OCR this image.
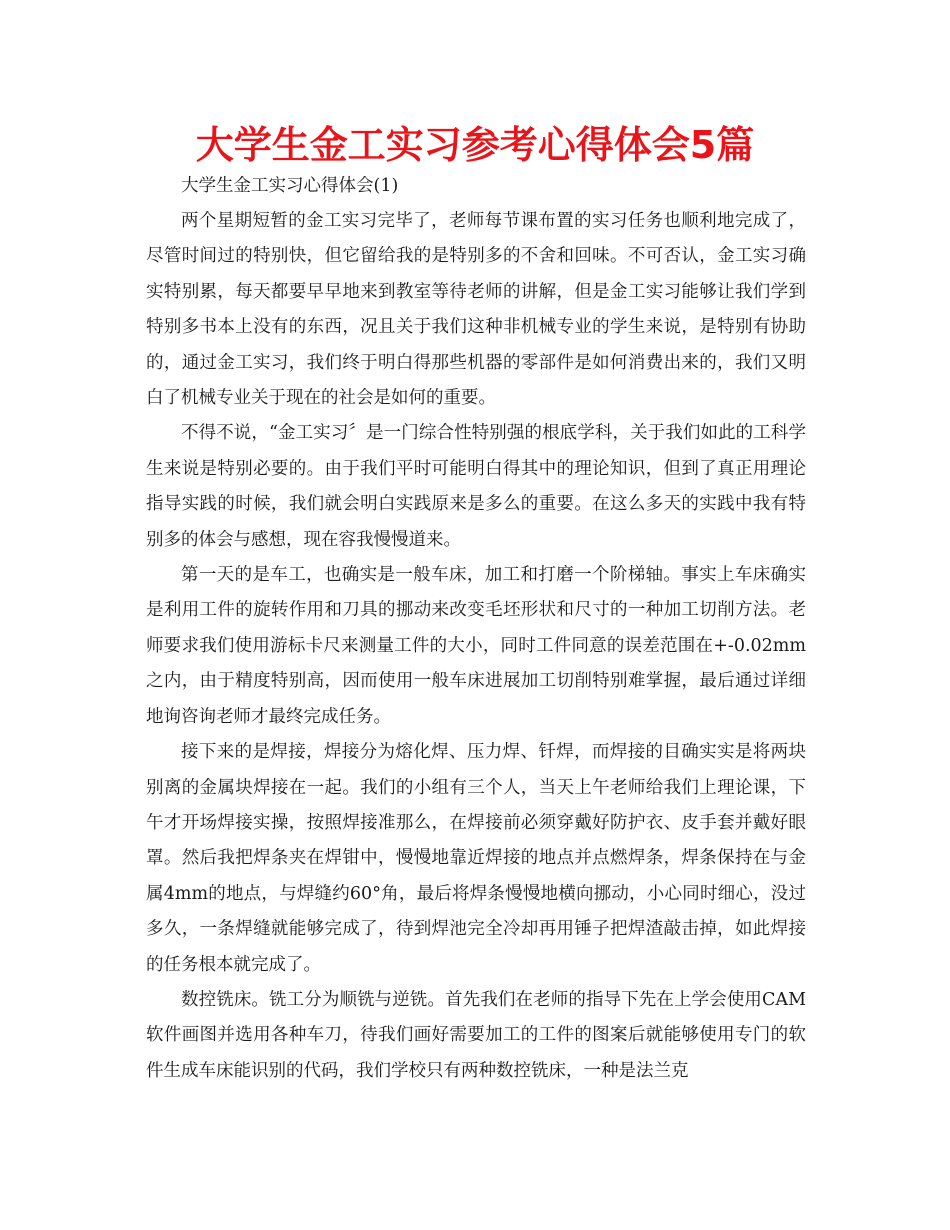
大学生金工实习参考心得体会5篇

大学生金工实习心得体会(1)

两个星期短暂的金工实习完毕了，老师每节课布置的实习任务也顺利地完成了，尽管时间过的特别快，但它留给我的是特别多的不舍和回味。不可否认，金工实习确实特别累，每天都要早早地来到教室等待老师的讲解，但是金工实习能够让我们学到特别多书本上没有的东西，况且关于我们这种非机械专业的学生来说，是特别有协助的，通过金工实习，我们终于明白得那些机器的零部件是如何消费出来的，我们又明白了机械专业关于现在的社会是如何的重要。

不得不说，“金工实习〞是一门综合性特别强的根底学科，关于我们如此的工科学生来说是特别必要的。由于我们平时可能明白得其中的理论知识，但到了真正用理论指导实践的时候，我们就会明白实践原来是多么的重要。在这么多天的实践中我有特别多的体会与感想，现在容我慢慢道来。

第一天的是车工，也确实是一般车床，加工和打磨一个阶梯轴。事实上车床确实是利用工件的旋转作用和刀具的挪动来改变毛坯形状和尺寸的一种加工切削方法。老师要求我们使用游标卡尺来测量工件的大小，同时工件同意的误差范围在+-0.02mm之内，由于精度特别高，因而使用一般车床进展加工切削特别难掌握，最后通过详细地询咨询老师才最终完成任务。

接下来的是焊接，焊接分为熔化焊、压力焊、钎焊，而焊接的目确实实是将两块别离的金属块焊接在一起。我们的小组有三个人，当天上午老师给我们上理论课，下午才开场焊接实操，按照焊接准那么，在焊接前必须穿戴好防护衣、皮手套并戴好眼罩。然后我把焊条夹在焊钳中，慢慢地靠近焊接的地点并点燃焊条，焊条保持在与金属4mm的地点，与焊缝约60°角，最后将焊条慢慢地横向挪动，小心同时细心，没过多久，一条焊缝就能够完成了，待到焊池完全冷却再用锤子把焊渣敲击掉，如此焊接的任务根本就完成了。

数控铣床。铣工分为顺铣与逆铣。首先我们在老师的指导下先在上学会使用CAM软件画图并选用各种车刀，待我们画好需要加工的工件的图案后就能够使用专门的软件生成车床能识别的代码，我们学校只有两种数控铣床，一种是法兰克
